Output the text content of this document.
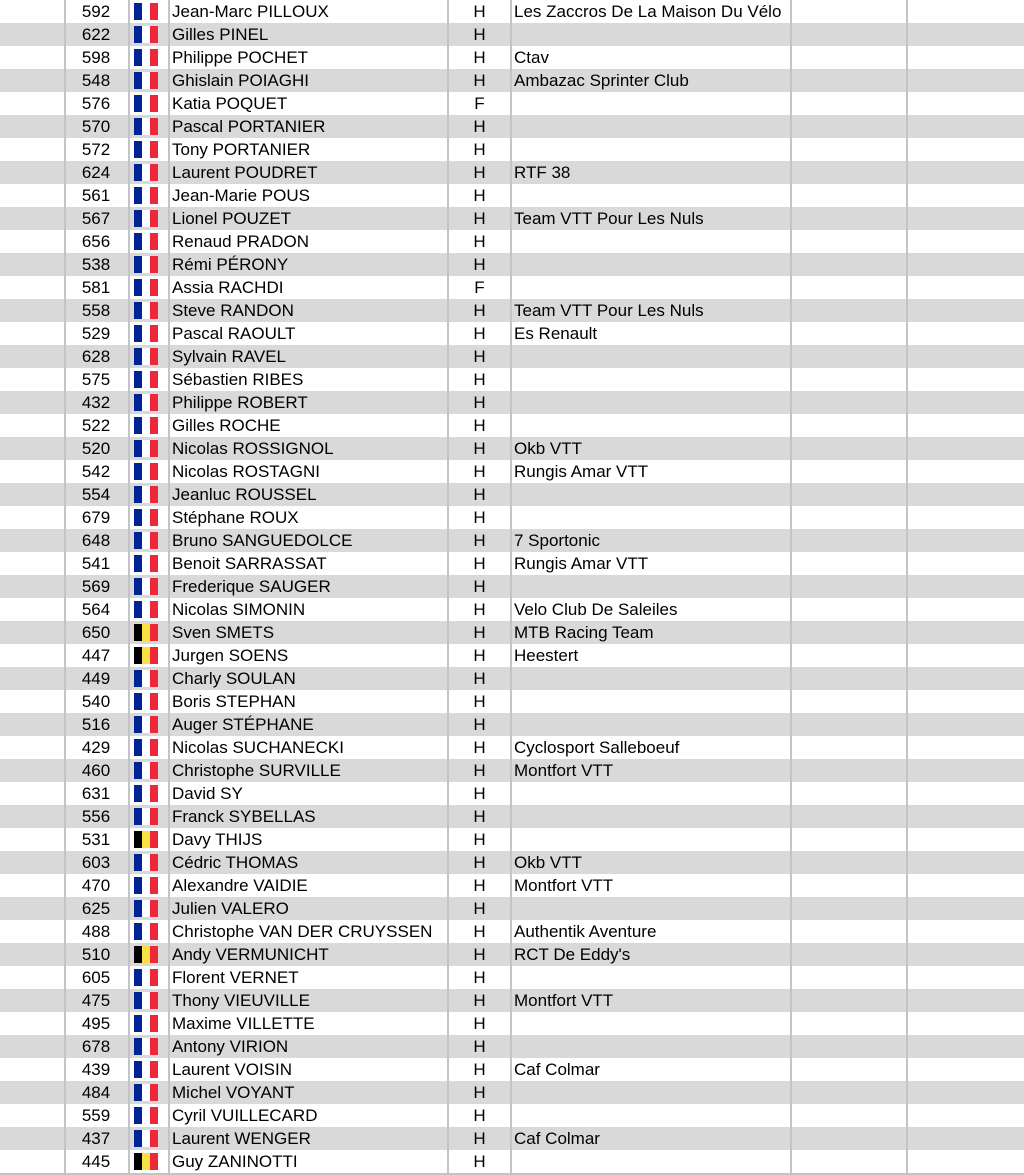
592	Jean-Marc PILLOUX	H	Les Zaccros De La Maison Du Vélo
622	Gilles PINEL	H
598	Philippe POCHET	H	Ctav
548	Ghislain POIAGHI	H	Ambazac Sprinter Club
576	Katia POQUET	F
570	Pascal PORTANIER	H
572	Tony PORTANIER	H
624	Laurent POUDRET	H	RTF 38
561	Jean-Marie POUS	H
567	Lionel POUZET	H	Team VTT Pour Les Nuls
656	Renaud PRADON	H
538	Rémi PÉRONY	H
581	Assia RACHDI	F
558	Steve RANDON	H	Team VTT Pour Les Nuls
529	Pascal RAOULT	H	Es Renault
628	Sylvain RAVEL	H
575	Sébastien RIBES	H
432	Philippe ROBERT	H
522	Gilles ROCHE	H
520	Nicolas ROSSIGNOL	H	Okb VTT
542	Nicolas ROSTAGNI	H	Rungis Amar VTT
554	Jeanluc ROUSSEL	H
679	Stéphane ROUX	H
648	Bruno SANGUEDOLCE	H	7 Sportonic
541	Benoit SARRASSAT	H	Rungis Amar VTT
569	Frederique SAUGER	H
564	Nicolas SIMONIN	H	Velo Club De Saleiles
650	Sven SMETS	H	MTB Racing Team
447	Jurgen SOENS	H	Heestert
449	Charly SOULAN	H
540	Boris STEPHAN	H
516	Auger STÉPHANE	H
429	Nicolas SUCHANECKI	H	Cyclosport Salleboeuf
460	Christophe SURVILLE	H	Montfort VTT
631	David SY	H
556	Franck SYBELLAS	H
531	Davy THIJS	H
603	Cédric THOMAS	H	Okb VTT
470	Alexandre VAIDIE	H	Montfort VTT
625	Julien VALERO	H
488	Christophe VAN DER CRUYSSEN	H	Authentik Aventure
510	Andy VERMUNICHT	H	RCT De Eddy's
605	Florent VERNET	H
475	Thony VIEUVILLE	H	Montfort VTT
495	Maxime VILLETTE	H
678	Antony VIRION	H
439	Laurent VOISIN	H	Caf Colmar
484	Michel VOYANT	H
559	Cyril VUILLECARD	H
437	Laurent WENGER	H	Caf Colmar
445	Guy ZANINOTTI	H
